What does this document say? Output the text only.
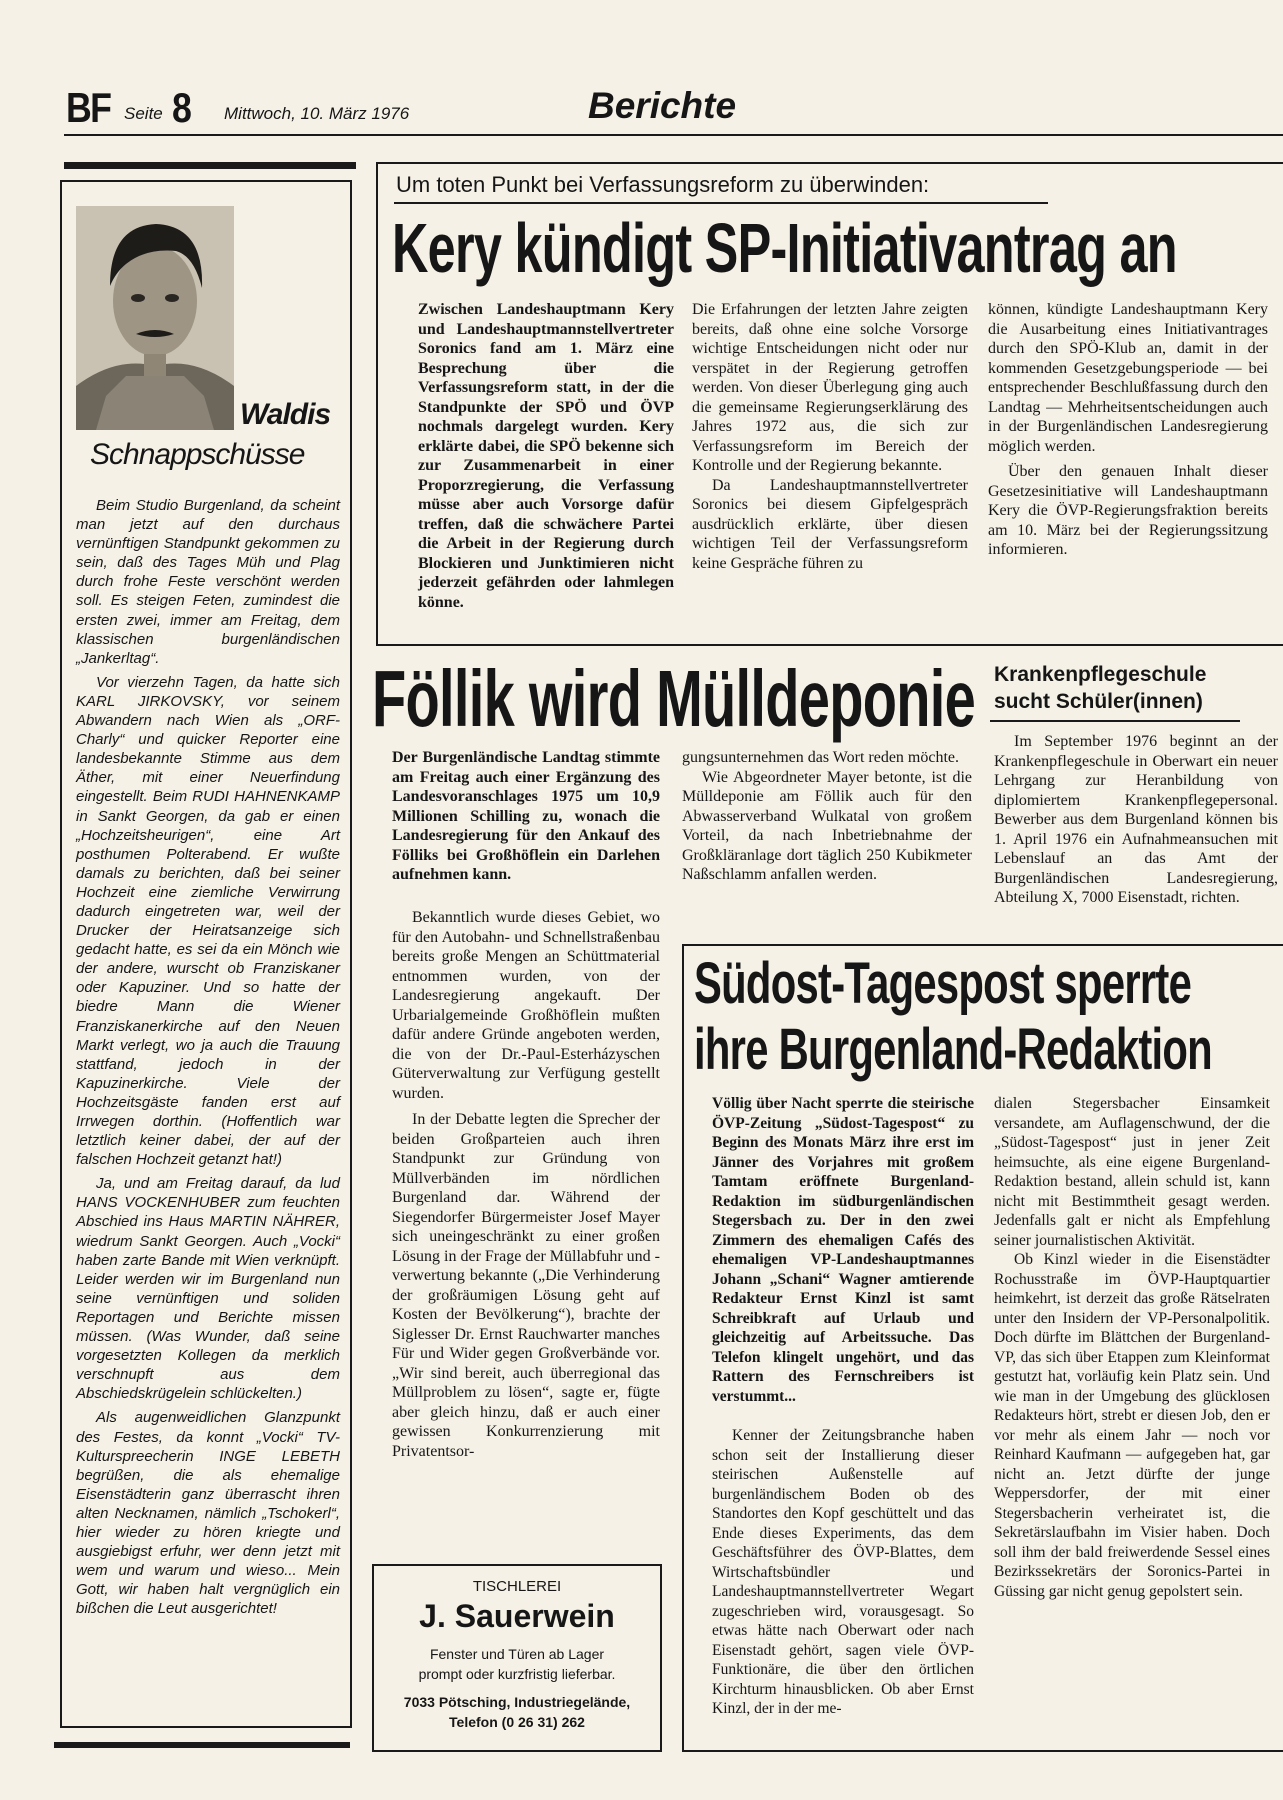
BF Seite 8 Mittwoch, 10. März 1976	Berichte
Waldis
Schnappschüsse

Beim Studio Burgenland, da scheint man jetzt auf den durchaus vernünftigen Standpunkt gekommen zu sein, daß des Tages Müh und Plag durch frohe Feste verschönt werden soll. Es steigen Feten, zumindest die ersten zwei, immer am Freitag, dem klassischen burgenländischen „Jankerltag“.

Vor vierzehn Tagen, da hatte sich KARL JIRKOVSKY, vor seinem Abwandern nach Wien als „ORF-Charly“ und quicker Reporter eine landesbekannte Stimme aus dem Äther, mit einer Neuerfindung eingestellt. Beim RUDI HAHNENKAMP in Sankt Georgen, da gab er einen „Hochzeitsheurigen“, eine Art posthumen Polterabend. Er wußte damals zu berichten, daß bei seiner Hochzeit eine ziemliche Verwirrung dadurch eingetreten war, weil der Drucker der Heiratsanzeige sich gedacht hatte, es sei da ein Mönch wie der andere, wurscht ob Franziskaner oder Kapuziner. Und so hatte der biedre Mann die Wiener Franziskanerkirche auf den Neuen Markt verlegt, wo ja auch die Trauung stattfand, jedoch in der Kapuzinerkirche. Viele der Hochzeitsgäste fanden erst auf Irrwegen dorthin. (Hoffentlich war letztlich keiner dabei, der auf der falschen Hochzeit getanzt hat!)

Ja, und am Freitag darauf, da lud HANS VOCKENHUBER zum feuchten Abschied ins Haus MARTIN NÄHRER, wiedrum Sankt Georgen. Auch „Vocki“ haben zarte Bande mit Wien verknüpft. Leider werden wir im Burgenland nun seine vernünftigen und soliden Reportagen und Berichte missen müssen. (Was Wunder, daß seine vorgesetzten Kollegen da merklich verschnupft aus dem Abschiedskrügelein schlückelten.)

Als augenweidlichen Glanzpunkt des Festes, da konnt „Vocki“ TV-Kulturspreecherin INGE LEBETH begrüßen, die als ehemalige Eisenstädterin ganz überrascht ihren alten Necknamen, nämlich „Tschokerl“, hier wieder zu hören kriegte und ausgiebigst erfuhr, wer denn jetzt mit wem und warum und wieso... Mein Gott, wir haben halt vergnüglich ein bißchen die Leut ausgerichtet!

Um toten Punkt bei Verfassungsreform zu überwinden:
Kery kündigt SP-Initiativantrag an
Zwischen Landeshauptmann Kery und Landeshauptmannstellvertreter Soronics fand am 1. März eine Besprechung über die Verfassungsreform statt, in der die Standpunkte der SPÖ und ÖVP nochmals dargelegt wurden. Kery erklärte dabei, die SPÖ bekenne sich zur Zusammenarbeit in einer Proporzregierung, die Verfassung müsse aber auch Vorsorge dafür treffen, daß die schwächere Partei die Arbeit in der Regierung durch Blockieren und Junktimieren nicht jederzeit gefährden oder lahmlegen könne.

Die Erfahrungen der letzten Jahre zeigten bereits, daß ohne eine solche Vorsorge wichtige Entscheidungen nicht oder nur verspätet in der Regierung getroffen werden. Von dieser Überlegung ging auch die gemeinsame Regierungserklärung des Jahres 1972 aus, die sich zur Verfassungsreform im Bereich der Kontrolle und der Regierung bekannte.

Da Landeshauptmannstellvertreter Soronics bei diesem Gipfelgespräch ausdrücklich erklärte, über diesen wichtigen Teil der Verfassungsreform keine Gespräche führen zu

können, kündigte Landeshauptmann Kery die Ausarbeitung eines Initiativantrages durch den SPÖ-Klub an, damit in der kommenden Gesetzgebungsperiode — bei entsprechender Beschlußfassung durch den Landtag — Mehrheitsentscheidungen auch in der Burgenländischen Landesregierung möglich werden.

Über den genauen Inhalt dieser Gesetzesinitiative will Landeshauptmann Kery die ÖVP-Regierungsfraktion bereits am 10. März bei der Regierungssitzung informieren.

Föllik wird Mülldeponie
Der Burgenländische Landtag stimmte am Freitag auch einer Ergänzung des Landesvoranschlages 1975 um 10,9 Millionen Schilling zu, wonach die Landesregierung für den Ankauf des Fölliks bei Großhöflein ein Darlehen aufnehmen kann.

Bekanntlich wurde dieses Gebiet, wo für den Autobahn- und Schnellstraßenbau bereits große Mengen an Schüttmaterial entnommen wurden, von der Landesregierung angekauft. Der Urbarialgemeinde Großhöflein mußten dafür andere Gründe angeboten werden, die von der Dr.-Paul-Esterházyschen Güterverwaltung zur Verfügung gestellt wurden.

In der Debatte legten die Sprecher der beiden Großparteien auch ihren Standpunkt zur Gründung von Müllverbänden im nördlichen Burgenland dar. Während der Siegendorfer Bürgermeister Josef Mayer sich uneingeschränkt zu einer großen Lösung in der Frage der Müllabfuhr und -verwertung bekannte („Die Verhinderung der großräumigen Lösung geht auf Kosten der Bevölkerung“), brachte der Siglesser Dr. Ernst Rauchwarter manches Für und Wider gegen Großverbände vor. „Wir sind bereit, auch überregional das Müllproblem zu lösen“, sagte er, fügte aber gleich hinzu, daß er auch einer gewissen Konkurrenzierung mit Privatentsor-

gungsunternehmen das Wort reden möchte.

Wie Abgeordneter Mayer betonte, ist die Mülldeponie am Föllik auch für den Abwasserverband Wulkatal von großem Vorteil, da nach Inbetriebnahme der Großkläranlage dort täglich 250 Kubikmeter Naßschlamm anfallen werden.

Krankenpflegeschule
sucht Schüler(innen)

Im September 1976 beginnt an der Krankenpflegeschule in Oberwart ein neuer Lehrgang zur Heranbildung von diplomiertem Krankenpflegepersonal. Bewerber aus dem Burgenland können bis 1. April 1976 ein Aufnahmeansuchen mit Lebenslauf an das Amt der Burgenländischen Landesregierung, Abteilung X, 7000 Eisenstadt, richten.

Südost-Tagespost sperrte
ihre Burgenland-Redaktion
Völlig über Nacht sperrte die steirische ÖVP-Zeitung „Südost-Tagespost“ zu Beginn des Monats März ihre erst im Jänner des Vorjahres mit großem Tamtam eröffnete Burgenland-Redaktion im südburgenländischen Stegersbach zu. Der in den zwei Zimmern des ehemaligen Cafés des ehemaligen VP-Landeshauptmannes Johann „Schani“ Wagner amtierende Redakteur Ernst Kinzl ist samt Schreibkraft auf Urlaub und gleichzeitig auf Arbeitssuche. Das Telefon klingelt ungehört, und das Rattern des Fernschreibers ist verstummt...

Kenner der Zeitungsbranche haben schon seit der Installierung dieser steirischen Außenstelle auf burgenländischem Boden ob des Standortes den Kopf geschüttelt und das Ende dieses Experiments, das dem Geschäftsführer des ÖVP-Blattes, dem Wirtschaftsbündler und Landeshauptmannstellvertreter Wegart zugeschrieben wird, vorausgesagt. So etwas hätte nach Oberwart oder nach Eisenstadt gehört, sagen viele ÖVP-Funktionäre, die über den örtlichen Kirchturm hinausblicken. Ob aber Ernst Kinzl, der in der me-

dialen Stegersbacher Einsamkeit versandete, am Auflagenschwund, der die „Südost-Tagespost“ just in jener Zeit heimsuchte, als eine eigene Burgenland-Redaktion bestand, allein schuld ist, kann nicht mit Bestimmtheit gesagt werden. Jedenfalls galt er nicht als Empfehlung seiner journalistischen Aktivität.

Ob Kinzl wieder in die Eisenstädter Rochusstraße im ÖVP-Hauptquartier heimkehrt, ist derzeit das große Rätselraten unter den Insidern der VP-Personalpolitik. Doch dürfte im Blättchen der Burgenland-VP, das sich über Etappen zum Kleinformat gestutzt hat, vorläufig kein Platz sein. Und wie man in der Umgebung des glücklosen Redakteurs hört, strebt er diesen Job, den er vor mehr als einem Jahr — noch vor Reinhard Kaufmann — aufgegeben hat, gar nicht an. Jetzt dürfte der junge Weppersdorfer, der mit einer Stegersbacherin verheiratet ist, die Sekretärslaufbahn im Visier haben. Doch soll ihm der bald freiwerdende Sessel eines Bezirkssekretärs der Soronics-Partei in Güssing gar nicht genug gepolstert sein.

TISCHLEREI
J. Sauerwein
Fenster und Türen ab Lager
prompt oder kurzfristig lieferbar.
7033 Pötsching, Industriegelände,
Telefon (0 26 31) 262
